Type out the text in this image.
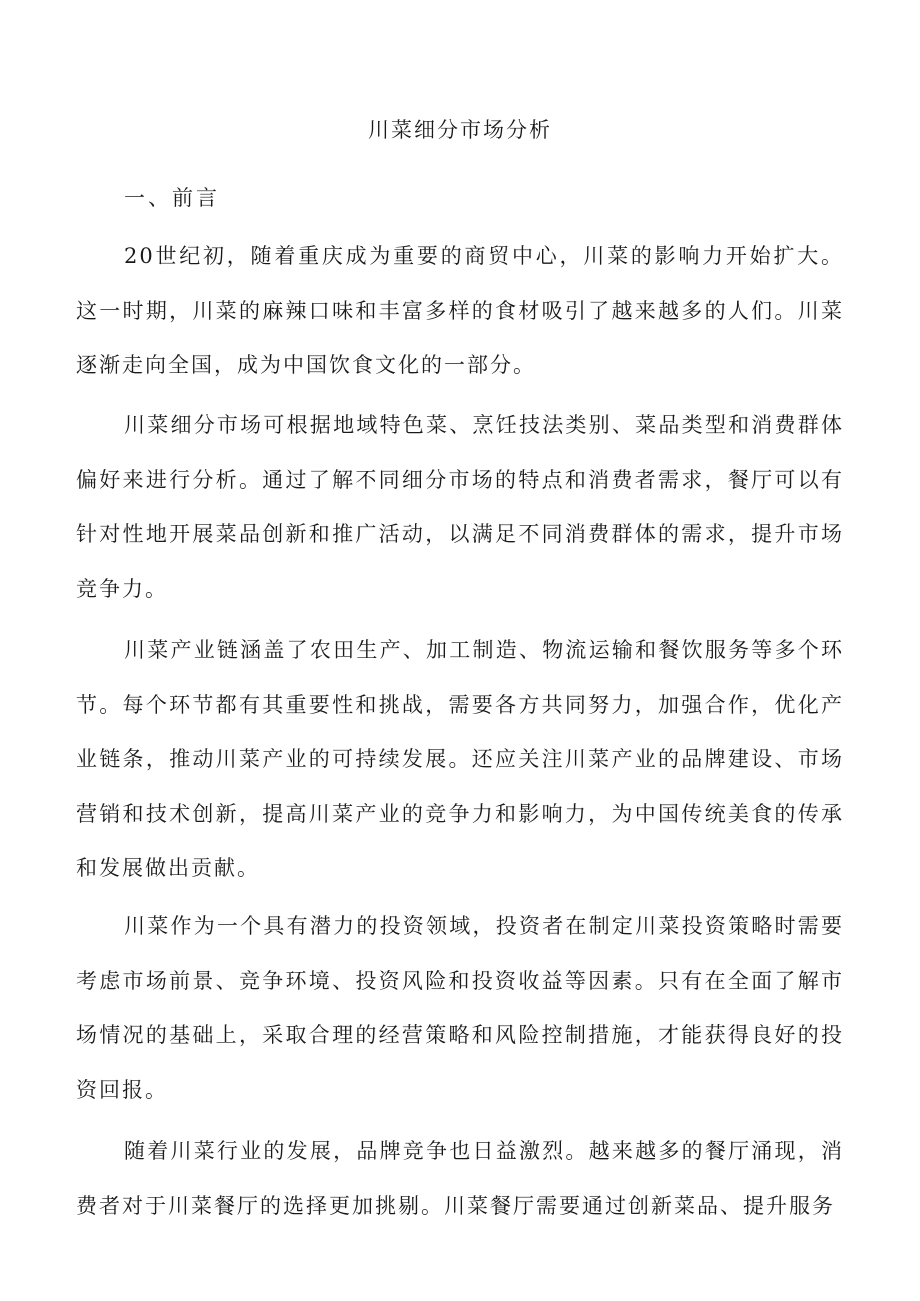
川菜细分市场分析
一、前言

20世纪初，随着重庆成为重要的商贸中心，川菜的影响力开始扩大。这一时期，川菜的麻辣口味和丰富多样的食材吸引了越来越多的人们。川菜逐渐走向全国，成为中国饮食文化的一部分。

川菜细分市场可根据地域特色菜、烹饪技法类别、菜品类型和消费群体偏好来进行分析。通过了解不同细分市场的特点和消费者需求，餐厅可以有针对性地开展菜品创新和推广活动，以满足不同消费群体的需求，提升市场竞争力。

川菜产业链涵盖了农田生产、加工制造、物流运输和餐饮服务等多个环节。每个环节都有其重要性和挑战，需要各方共同努力，加强合作，优化产业链条，推动川菜产业的可持续发展。还应关注川菜产业的品牌建设、市场营销和技术创新，提高川菜产业的竞争力和影响力，为中国传统美食的传承和发展做出贡献。

川菜作为一个具有潜力的投资领域，投资者在制定川菜投资策略时需要考虑市场前景、竞争环境、投资风险和投资收益等因素。只有在全面了解市场情况的基础上，采取合理的经营策略和风险控制措施，才能获得良好的投资回报。

随着川菜行业的发展，品牌竞争也日益激烈。越来越多的餐厅涌现，消费者对于川菜餐厅的选择更加挑剔。川菜餐厅需要通过创新菜品、提升服务
